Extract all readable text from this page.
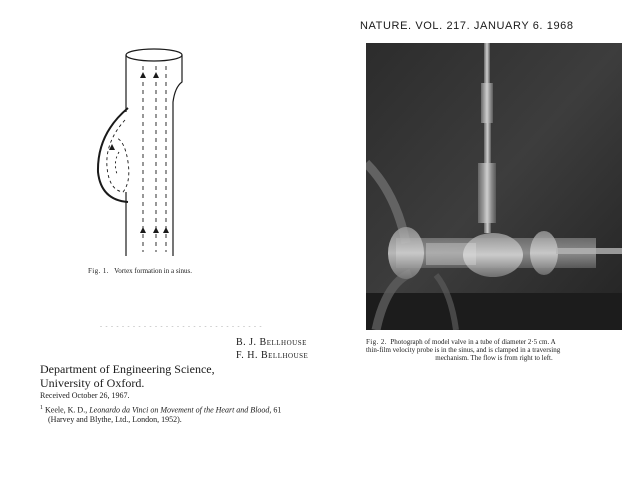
NATURE. VOL. 217. JANUARY 6. 1968
Fig. 1. Vortex formation in a sinus.
- - - - - - - - - - - - - - - - - - - - - - - - - - - - - -
B. J. Bellhouse
F. H. Bellhouse
Department of Engineering Science,
University of Oxford.
Received October 26, 1967.
$^1$ Keele, K. D., Leonardo da Vinci on Movement of the Heart and Blood, 61
(Harvey and Blythe, Ltd., London, 1952).
Fig. 2. Photograph of model valve in a tube of diameter 2·5 cm. A
thin-film velocity probe is in the sinus, and is clamped in a traversing
mechanism. The flow is from right to left.
